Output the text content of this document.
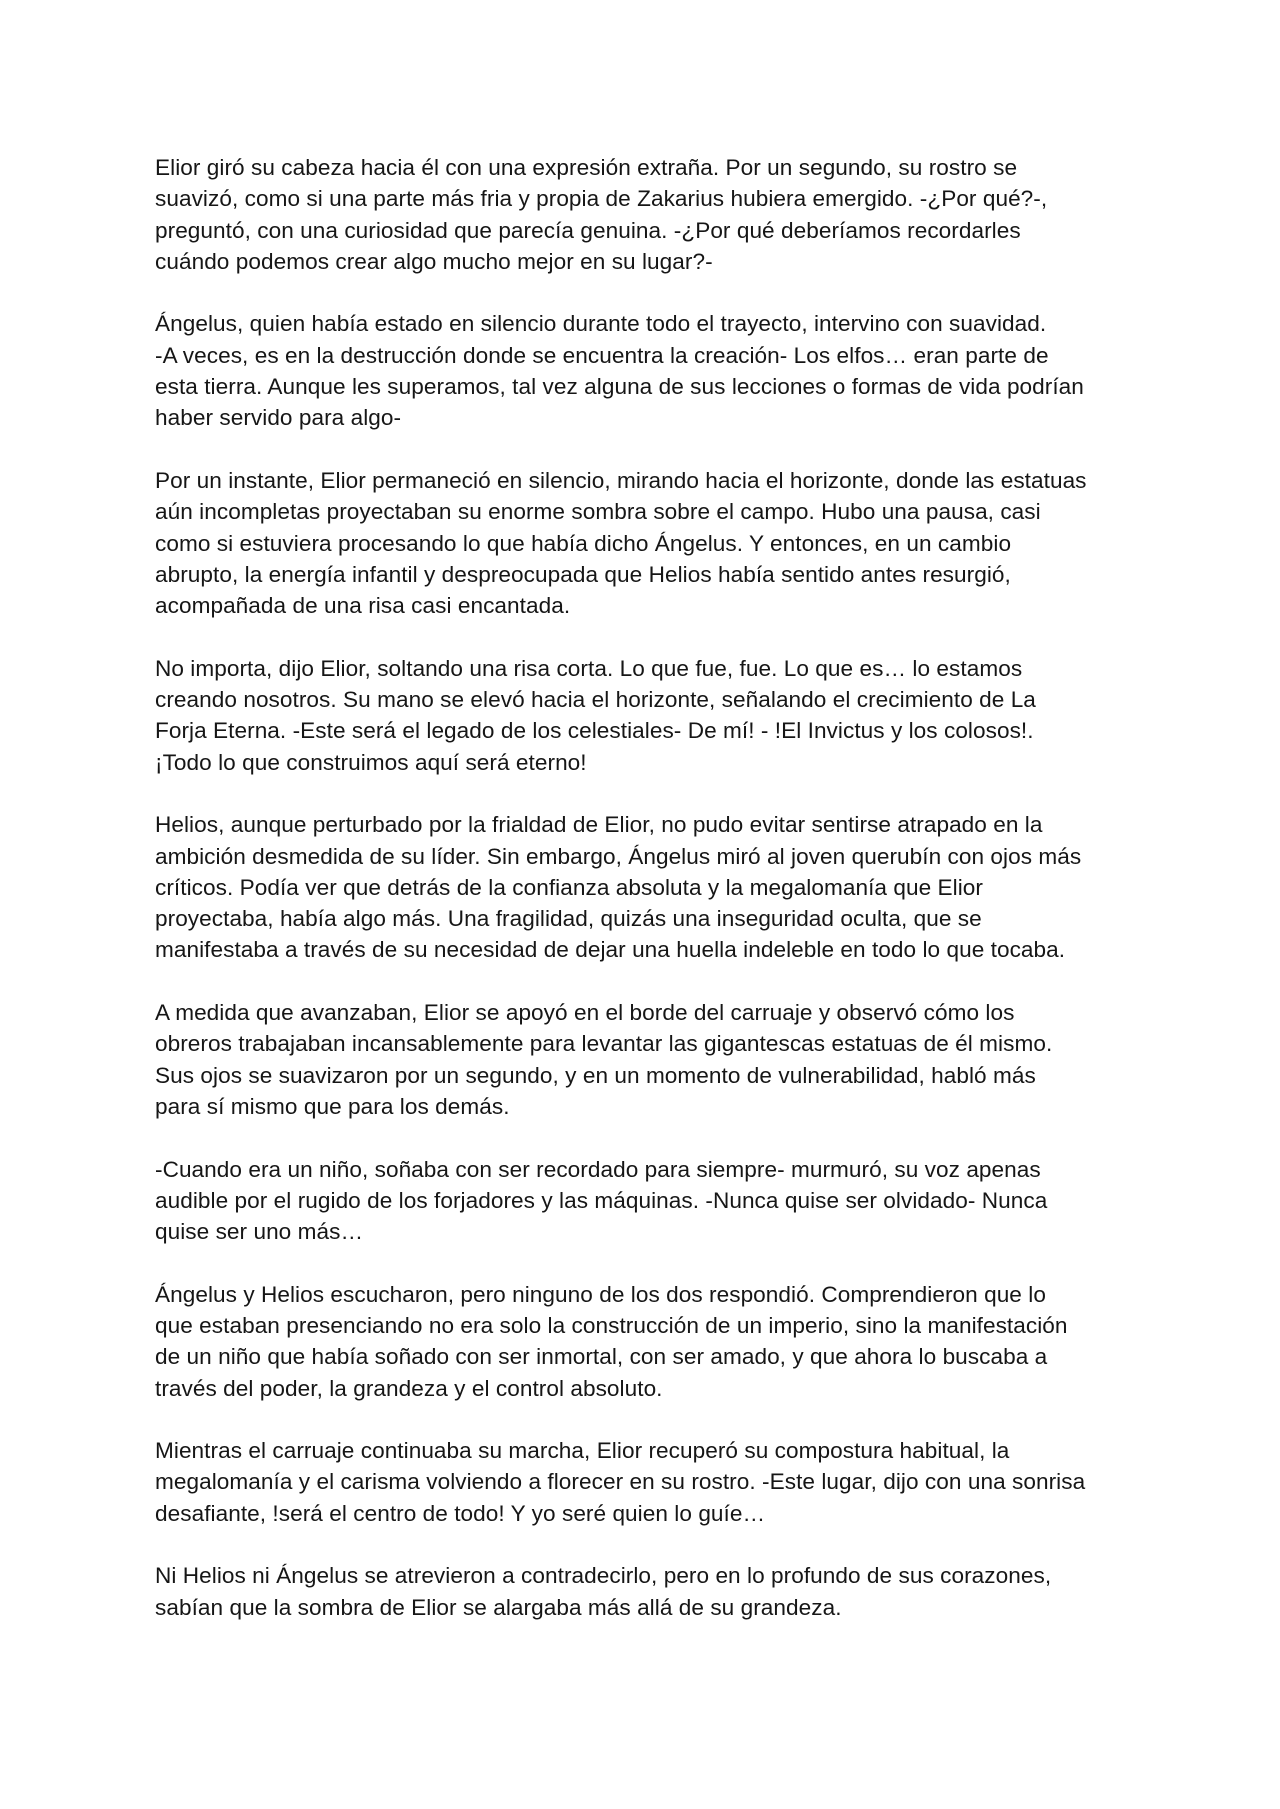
Elior giró su cabeza hacia él con una expresión extraña. Por un segundo, su rostro se
suavizó, como si una parte más fria y propia de Zakarius hubiera emergido. -¿Por qué?-,
preguntó, con una curiosidad que parecía genuina. -¿Por qué deberíamos recordarles
cuándo podemos crear algo mucho mejor en su lugar?-
Ángelus, quien había estado en silencio durante todo el trayecto, intervino con suavidad.
-A veces, es en la destrucción donde se encuentra la creación- Los elfos… eran parte de
esta tierra. Aunque les superamos, tal vez alguna de sus lecciones o formas de vida podrían
haber servido para algo-
Por un instante, Elior permaneció en silencio, mirando hacia el horizonte, donde las estatuas
aún incompletas proyectaban su enorme sombra sobre el campo. Hubo una pausa, casi
como si estuviera procesando lo que había dicho Ángelus. Y entonces, en un cambio
abrupto, la energía infantil y despreocupada que Helios había sentido antes resurgió,
acompañada de una risa casi encantada.
No importa, dijo Elior, soltando una risa corta. Lo que fue, fue. Lo que es… lo estamos
creando nosotros. Su mano se elevó hacia el horizonte, señalando el crecimiento de La
Forja Eterna. -Este será el legado de los celestiales- De mí! - !El Invictus y los colosos!.
¡Todo lo que construimos aquí será eterno!
Helios, aunque perturbado por la frialdad de Elior, no pudo evitar sentirse atrapado en la
ambición desmedida de su líder. Sin embargo, Ángelus miró al joven querubín con ojos más
críticos. Podía ver que detrás de la confianza absoluta y la megalomanía que Elior
proyectaba, había algo más. Una fragilidad, quizás una inseguridad oculta, que se
manifestaba a través de su necesidad de dejar una huella indeleble en todo lo que tocaba.
A medida que avanzaban, Elior se apoyó en el borde del carruaje y observó cómo los
obreros trabajaban incansablemente para levantar las gigantescas estatuas de él mismo.
Sus ojos se suavizaron por un segundo, y en un momento de vulnerabilidad, habló más
para sí mismo que para los demás.
-Cuando era un niño, soñaba con ser recordado para siempre- murmuró, su voz apenas
audible por el rugido de los forjadores y las máquinas. -Nunca quise ser olvidado- Nunca
quise ser uno más…
Ángelus y Helios escucharon, pero ninguno de los dos respondió. Comprendieron que lo
que estaban presenciando no era solo la construcción de un imperio, sino la manifestación
de un niño que había soñado con ser inmortal, con ser amado, y que ahora lo buscaba a
través del poder, la grandeza y el control absoluto.
Mientras el carruaje continuaba su marcha, Elior recuperó su compostura habitual, la
megalomanía y el carisma volviendo a florecer en su rostro. -Este lugar, dijo con una sonrisa
desafiante, !será el centro de todo! Y yo seré quien lo guíe…
Ni Helios ni Ángelus se atrevieron a contradecirlo, pero en lo profundo de sus corazones,
sabían que la sombra de Elior se alargaba más allá de su grandeza.
